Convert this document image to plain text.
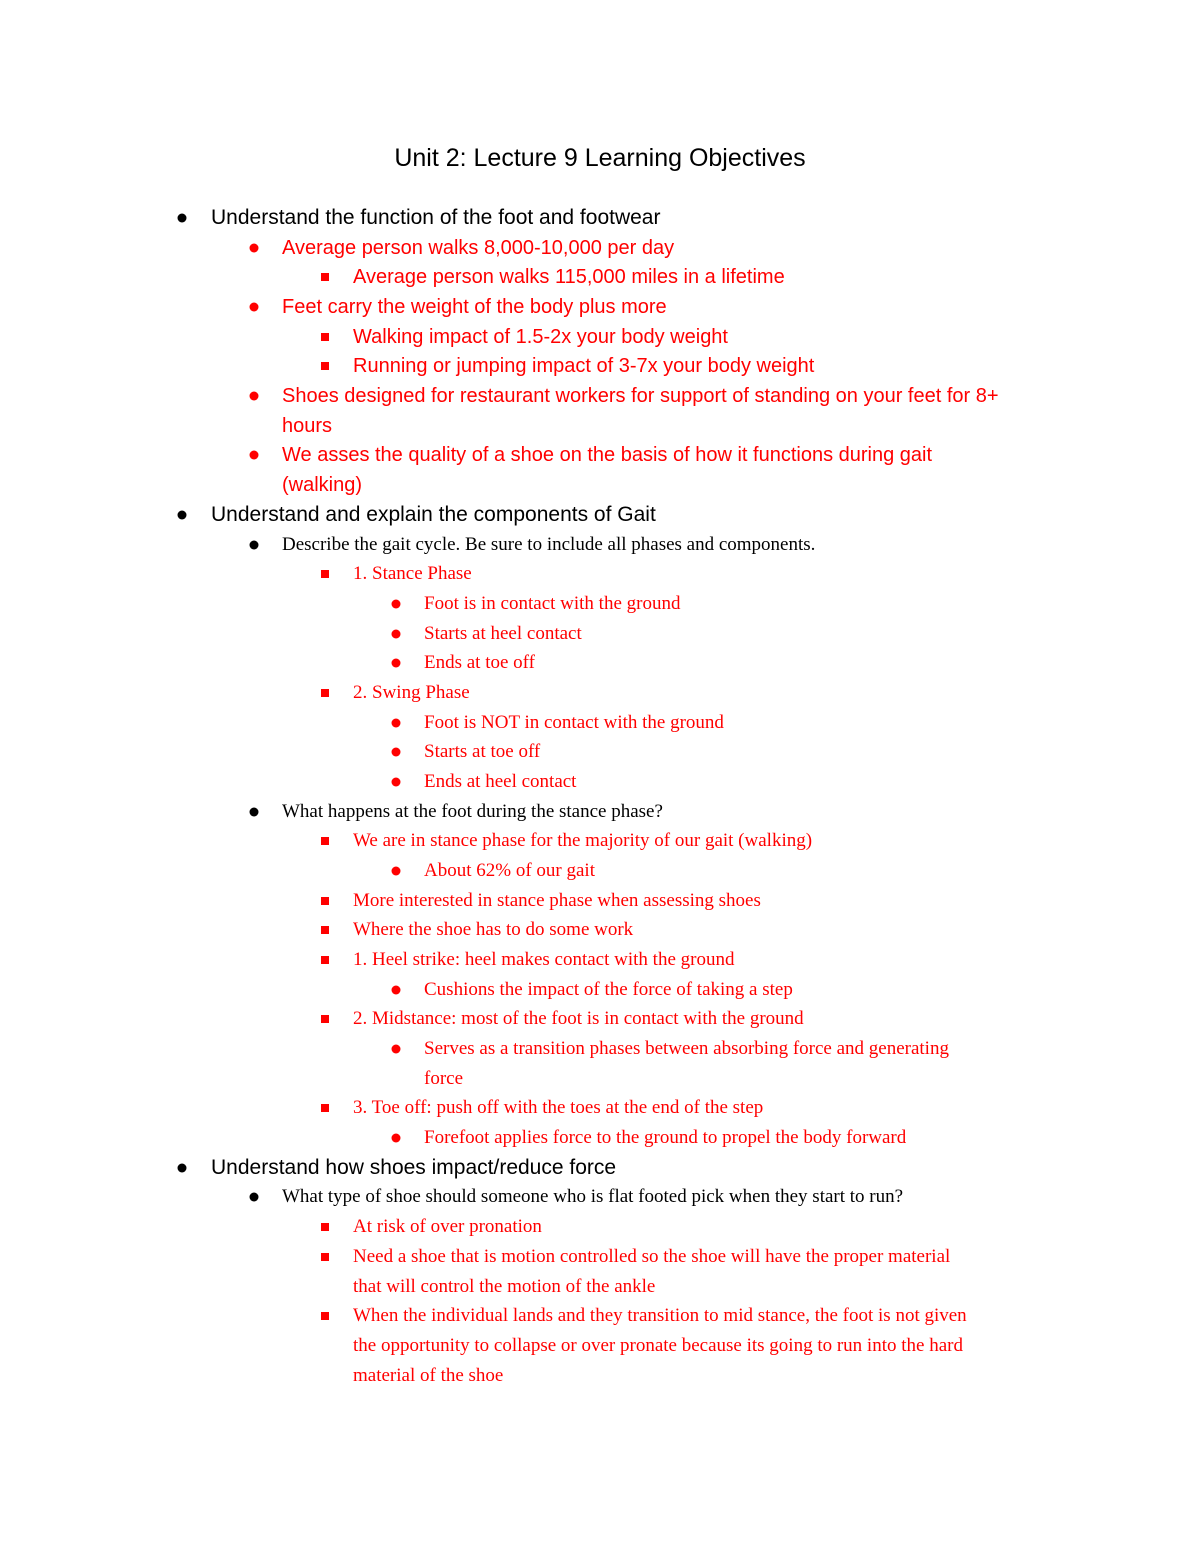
Unit 2: Lecture 9 Learning Objectives
Understand the function of the foot and footwear
Average person walks 8,000-10,000 per day
Average person walks 115,000 miles in a lifetime
Feet carry the weight of the body plus more
Walking impact of 1.5-2x your body weight
Running or jumping impact of 3-7x your body weight
Shoes designed for restaurant workers for support of standing on your feet for 8+
hours
We asses the quality of a shoe on the basis of how it functions during gait
(walking)
Understand and explain the components of Gait
Describe the gait cycle. Be sure to include all phases and components.
1. Stance Phase
Foot is in contact with the ground
Starts at heel contact
Ends at toe off
2. Swing Phase
Foot is NOT in contact with the ground
Starts at toe off
Ends at heel contact
What happens at the foot during the stance phase?
We are in stance phase for the majority of our gait (walking)
About 62% of our gait
More interested in stance phase when assessing shoes
Where the shoe has to do some work
1. Heel strike: heel makes contact with the ground
Cushions the impact of the force of taking a step
2. Midstance: most of the foot is in contact with the ground
Serves as a transition phases between absorbing force and generating
force
3. Toe off: push off with the toes at the end of the step
Forefoot applies force to the ground to propel the body forward
Understand how shoes impact/reduce force
What type of shoe should someone who is flat footed pick when they start to run?
At risk of over pronation
Need a shoe that is motion controlled so the shoe will have the proper material
that will control the motion of the ankle
When the individual lands and they transition to mid stance, the foot is not given
the opportunity to collapse or over pronate because its going to run into the hard
material of the shoe
